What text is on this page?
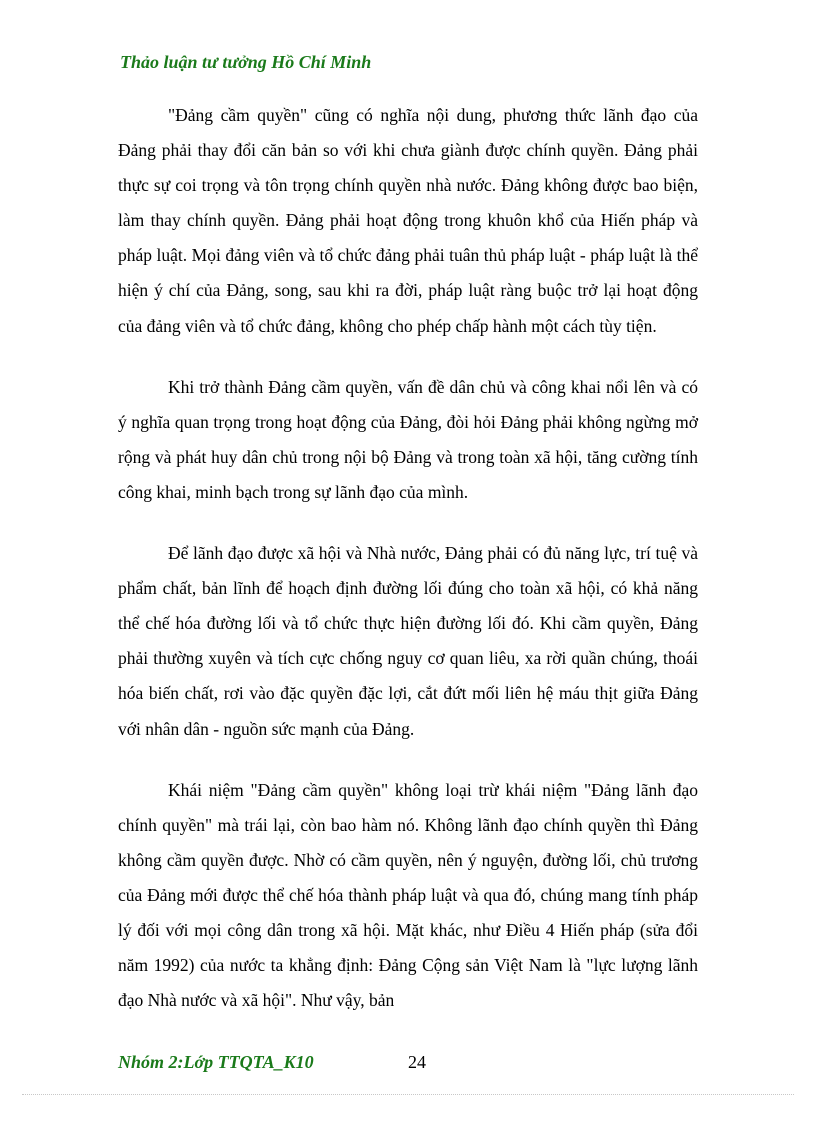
Thảo luận tư tưởng Hồ Chí Minh

"Đảng cầm quyền" cũng có nghĩa nội dung, phương thức lãnh đạo của Đảng phải thay đổi căn bản so với khi chưa giành được chính quyền. Đảng phải thực sự coi trọng và tôn trọng chính quyền nhà nước. Đảng không được bao biện, làm thay chính quyền. Đảng phải hoạt động trong khuôn khổ của Hiến pháp và pháp luật. Mọi đảng viên và tổ chức đảng phải tuân thủ pháp luật - pháp luật là thể hiện ý chí của Đảng, song, sau khi ra đời, pháp luật ràng buộc trở lại hoạt động của đảng viên và tổ chức đảng, không cho phép chấp hành một cách tùy tiện.

Khi trở thành Đảng cầm quyền, vấn đề dân chủ và công khai nổi lên và có ý nghĩa quan trọng trong hoạt động của Đảng, đòi hỏi Đảng phải không ngừng mở rộng và phát huy dân chủ trong nội bộ Đảng và trong toàn xã hội, tăng cường tính công khai, minh bạch trong sự lãnh đạo của mình.

Để lãnh đạo được xã hội và Nhà nước, Đảng phải có đủ năng lực, trí tuệ và phẩm chất, bản lĩnh để hoạch định đường lối đúng cho toàn xã hội, có khả năng thể chế hóa đường lối và tổ chức thực hiện đường lối đó. Khi cầm quyền, Đảng phải thường xuyên và tích cực chống nguy cơ quan liêu, xa rời quần chúng, thoái hóa biến chất, rơi vào đặc quyền đặc lợi, cắt đứt mối liên hệ máu thịt giữa Đảng với nhân dân - nguồn sức mạnh của Đảng.

Khái niệm "Đảng cầm quyền" không loại trừ khái niệm "Đảng lãnh đạo chính quyền" mà trái lại, còn bao hàm nó. Không lãnh đạo chính quyền thì Đảng không cầm quyền được. Nhờ có cầm quyền, nên ý nguyện, đường lối, chủ trương của Đảng mới được thể chế hóa thành pháp luật và qua đó, chúng mang tính pháp lý đối với mọi công dân trong xã hội. Mặt khác, như Điều 4 Hiến pháp (sửa đổi năm 1992) của nước ta khẳng định: Đảng Cộng sản Việt Nam là "lực lượng lãnh đạo Nhà nước và xã hội". Như vậy, bản

Nhóm 2:Lớp TTQTA_K10	24
